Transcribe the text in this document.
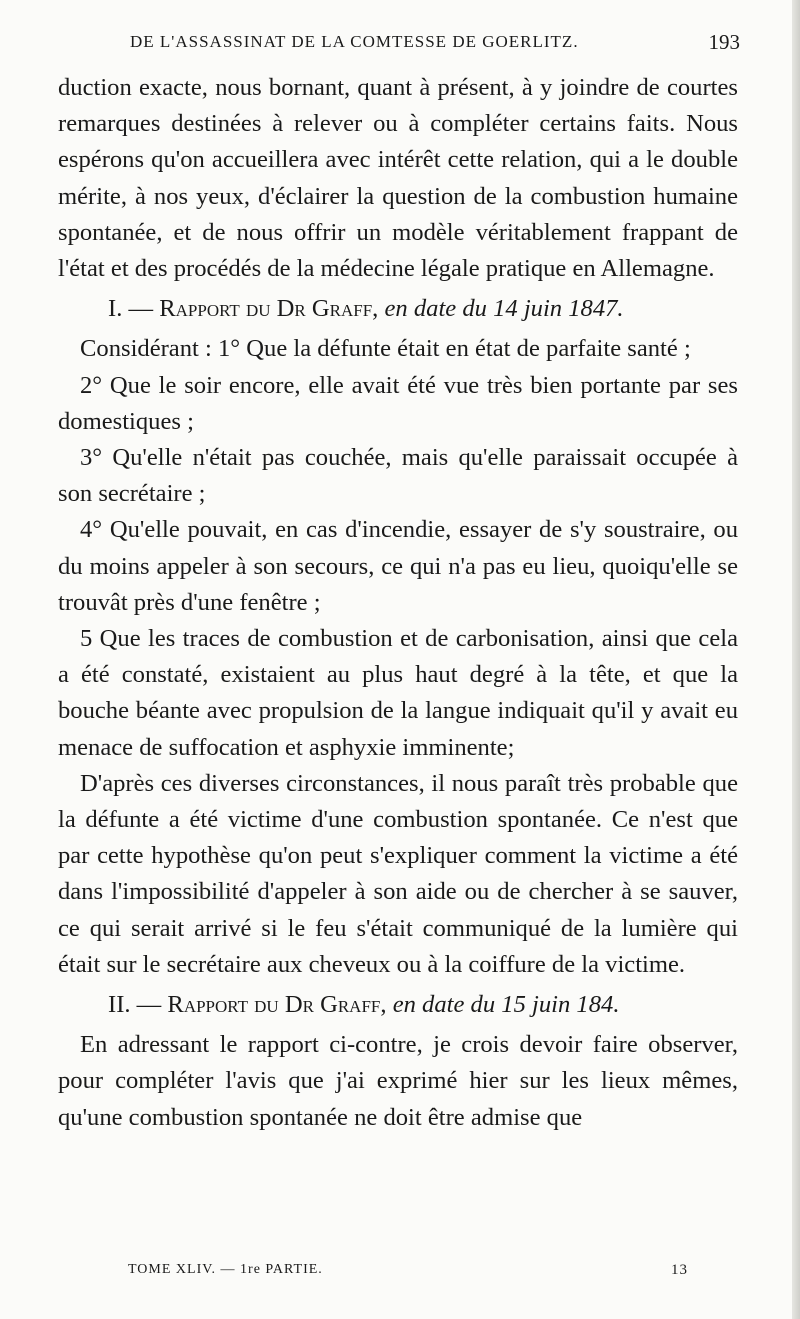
DE L'ASSASSINAT DE LA COMTESSE DE GOERLITZ.	193

duction exacte, nous bornant, quant à présent, à y joindre de courtes remarques destinées à relever ou à compléter certains faits. Nous espérons qu'on accueillera avec intérêt cette relation, qui a le double mérite, à nos yeux, d'éclairer la question de la combustion humaine spontanée, et de nous offrir un modèle véritablement frappant de l'état et des procédés de la médecine légale pratique en Allemagne.

I. — Rapport du Dr Graff, en date du 14 juin 1847.

Considérant : 1° Que la défunte était en état de parfaite santé ;

2° Que le soir encore, elle avait été vue très bien portante par ses domestiques ;

3° Qu'elle n'était pas couchée, mais qu'elle paraissait occupée à son secrétaire ;

4° Qu'elle pouvait, en cas d'incendie, essayer de s'y soustraire, ou du moins appeler à son secours, ce qui n'a pas eu lieu, quoiqu'elle se trouvât près d'une fenêtre ;

5 Que les traces de combustion et de carbonisation, ainsi que cela a été constaté, existaient au plus haut degré à la tête, et que la bouche béante avec propulsion de la langue indiquait qu'il y avait eu menace de suffocation et asphyxie imminente;

D'après ces diverses circonstances, il nous paraît très probable que la défunte a été victime d'une combustion spontanée. Ce n'est que par cette hypothèse qu'on peut s'expliquer comment la victime a été dans l'impossibilité d'appeler à son aide ou de chercher à se sauver, ce qui serait arrivé si le feu s'était communiqué de la lumière qui était sur le secrétaire aux cheveux ou à la coiffure de la victime.

II. — Rapport du Dr Graff, en date du 15 juin 184.

En adressant le rapport ci-contre, je crois devoir faire observer, pour compléter l'avis que j'ai exprimé hier sur les lieux mêmes, qu'une combustion spontanée ne doit être admise que

TOME XLIV. — 1re PARTIE.	13
